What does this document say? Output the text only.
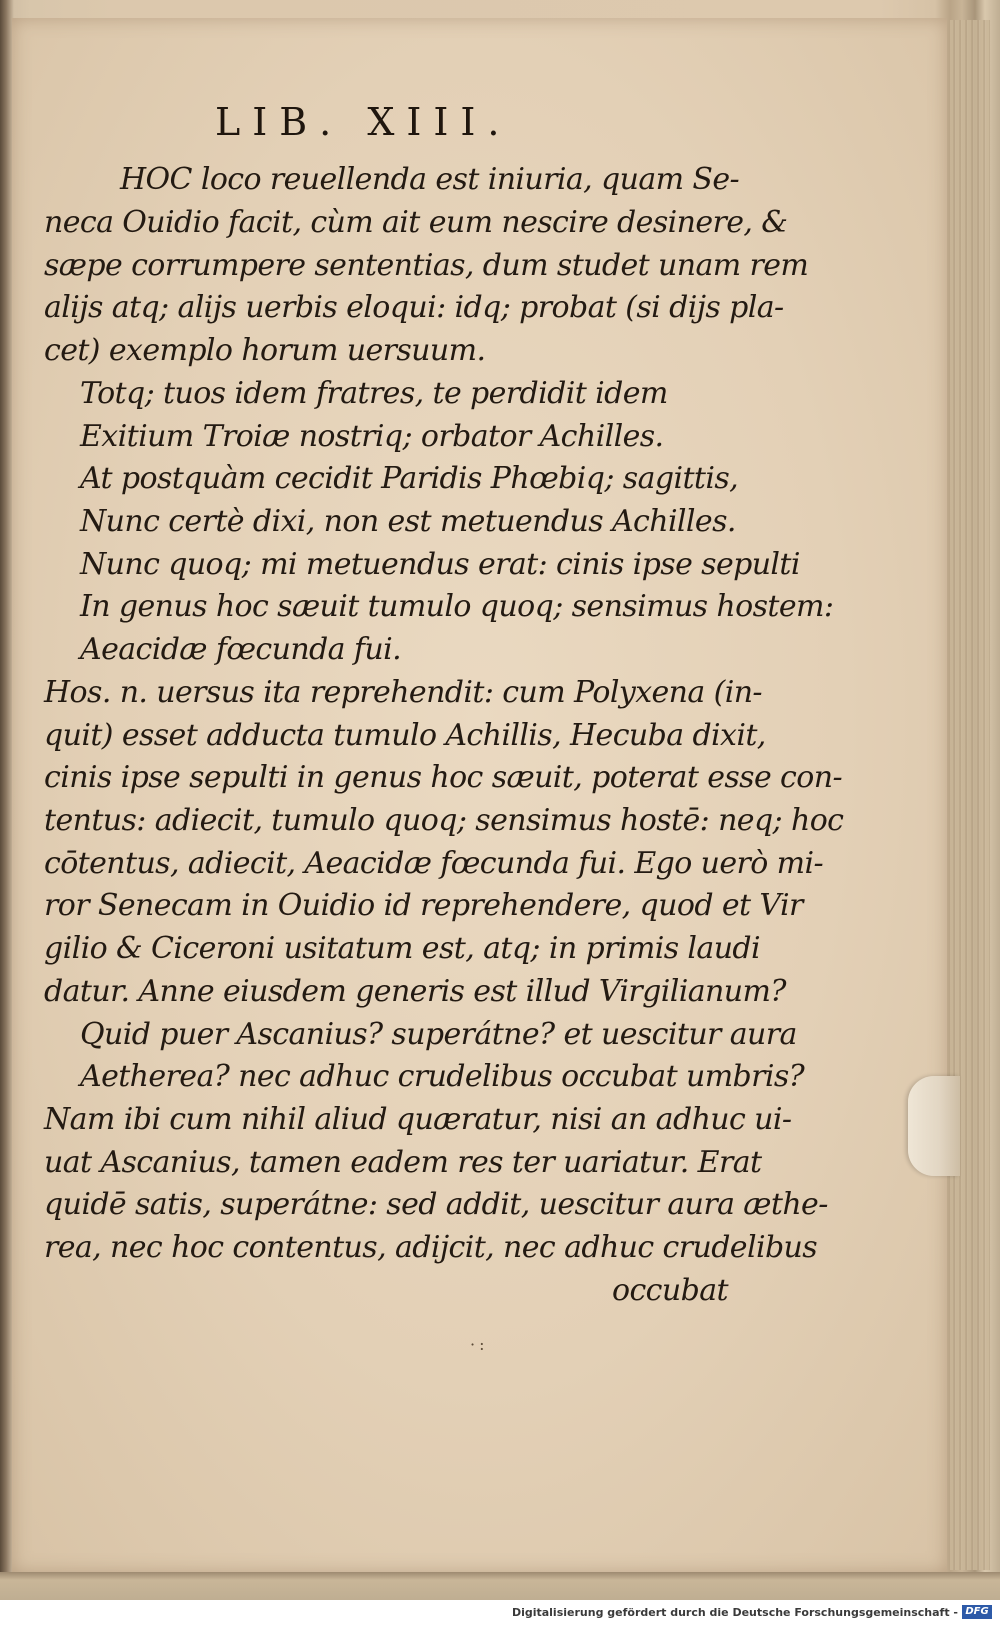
LIB. XIII.
HOC loco reuellenda est iniuria, quam Se-
neca Ouidio facit, cùm ait eum nescire desinere, &
sæpe corrumpere sententias, dum studet unam rem
alijs atq; alijs uerbis eloqui: idq; probat (si dijs pla-
cet) exemplo horum uersuum.
Totq; tuos idem fratres, te perdidit idem
Exitium Troiæ nostriq; orbator Achilles.
At postquàm cecidit Paridis Phœbiq; sagittis,
Nunc certè dixi, non est metuendus Achilles.
Nunc quoq; mi metuendus erat: cinis ipse sepulti
In genus hoc sæuit tumulo quoq; sensimus hostem:
Aeacidæ fœcunda fui.
Hos. n. uersus ita reprehendit: cum Polyxena (in-
quit) esset adducta tumulo Achillis, Hecuba dixit,
cinis ipse sepulti in genus hoc sæuit, poterat esse con-
tentus: adiecit, tumulo quoq; sensimus hostē: neq; hoc
cōtentus, adiecit, Aeacidæ fœcunda fui. Ego uerò mi-
ror Senecam in Ouidio id reprehendere, quod et Vir
gilio & Ciceroni usitatum est, atq; in primis laudi
datur. Anne eiusdem generis est illud Virgilianum?
Quid puer Ascanius? superátne? et uescitur aura
Aetherea? nec adhuc crudelibus occubat umbris?
Nam ibi cum nihil aliud quæratur, nisi an adhuc ui-
uat Ascanius, tamen eadem res ter uariatur. Erat
quidē satis, superátne: sed addit, uescitur aura æthe-
rea, nec hoc contentus, adijcit, nec adhuc crudelibus
occubat
·:
Digitalisierung gefördert durch die Deutsche Forschungsgemeinschaft - DFG
